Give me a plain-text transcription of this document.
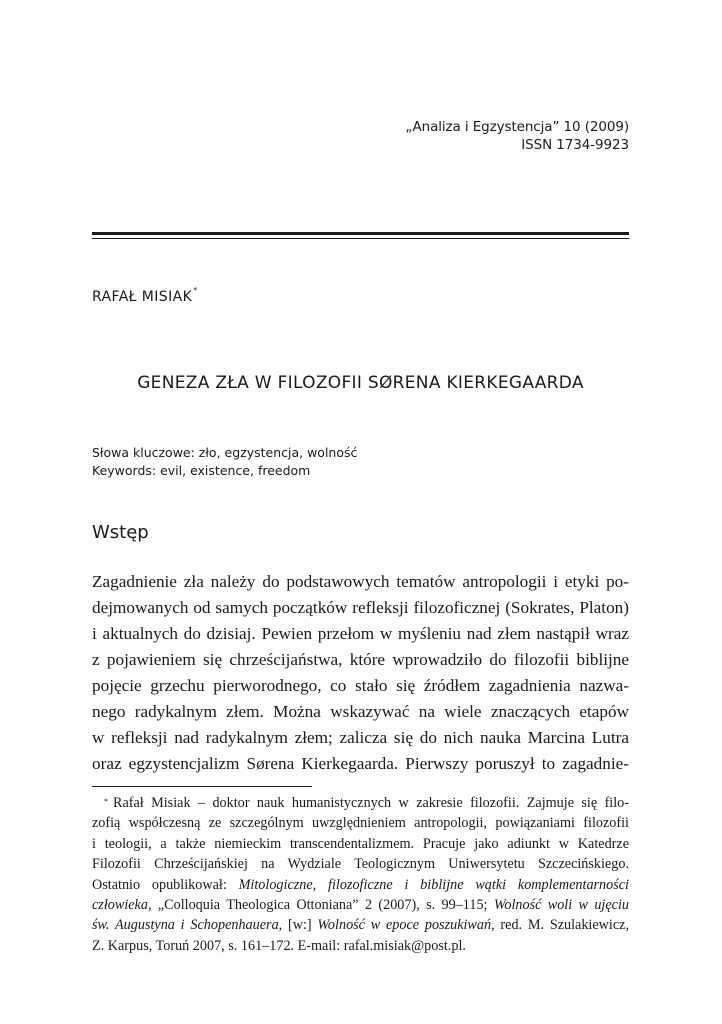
„Analiza i Egzystencja” 10 (2009)
ISSN 1734-9923
RAFAŁ MISIAK*
GENEZA ZŁA W FILOZOFII SØRENA KIERKEGAARDA
Słowa kluczowe: zło, egzystencja, wolność
Keywords: evil, existence, freedom
Wstęp
Zagadnienie zła należy do podstawowych tematów antropologii i etyki po-
dejmowanych od samych początków refleksji filozoficznej (Sokrates, Platon)
i aktualnych do dzisiaj. Pewien przełom w myśleniu nad złem nastąpił wraz
z pojawieniem się chrześcijaństwa, które wprowadziło do filozofii biblijne
pojęcie grzechu pierworodnego, co stało się źródłem zagadnienia nazwa-
nego radykalnym złem. Można wskazywać na wiele znaczących etapów
w refleksji nad radykalnym złem; zalicza się do nich nauka Marcina Lutra
oraz egzystencjalizm Sørena Kierkegaarda. Pierwszy poruszył to zagadnie-
* Rafał Misiak – doktor nauk humanistycznych w zakresie filozofii. Zajmuje się filo-
zofią współczesną ze szczególnym uwzględnieniem antropologii, powiązaniami filozofii
i teologii, a także niemieckim transcendentalizmem. Pracuje jako adiunkt w Katedrze
Filozofii Chrześcijańskiej na Wydziale Teologicznym Uniwersytetu Szczecińskiego.
Ostatnio opublikował: Mitologiczne, filozoficzne i biblijne wątki komplementarności
człowieka, „Colloquia Theologica Ottoniana” 2 (2007), s. 99–115; Wolność woli w ujęciu
św. Augustyna i Schopenhauera, [w:] Wolność w epoce poszukiwań, red. M. Szulakiewicz,
Z. Karpus, Toruń 2007, s. 161–172. E-mail: rafal.misiak@post.pl.
